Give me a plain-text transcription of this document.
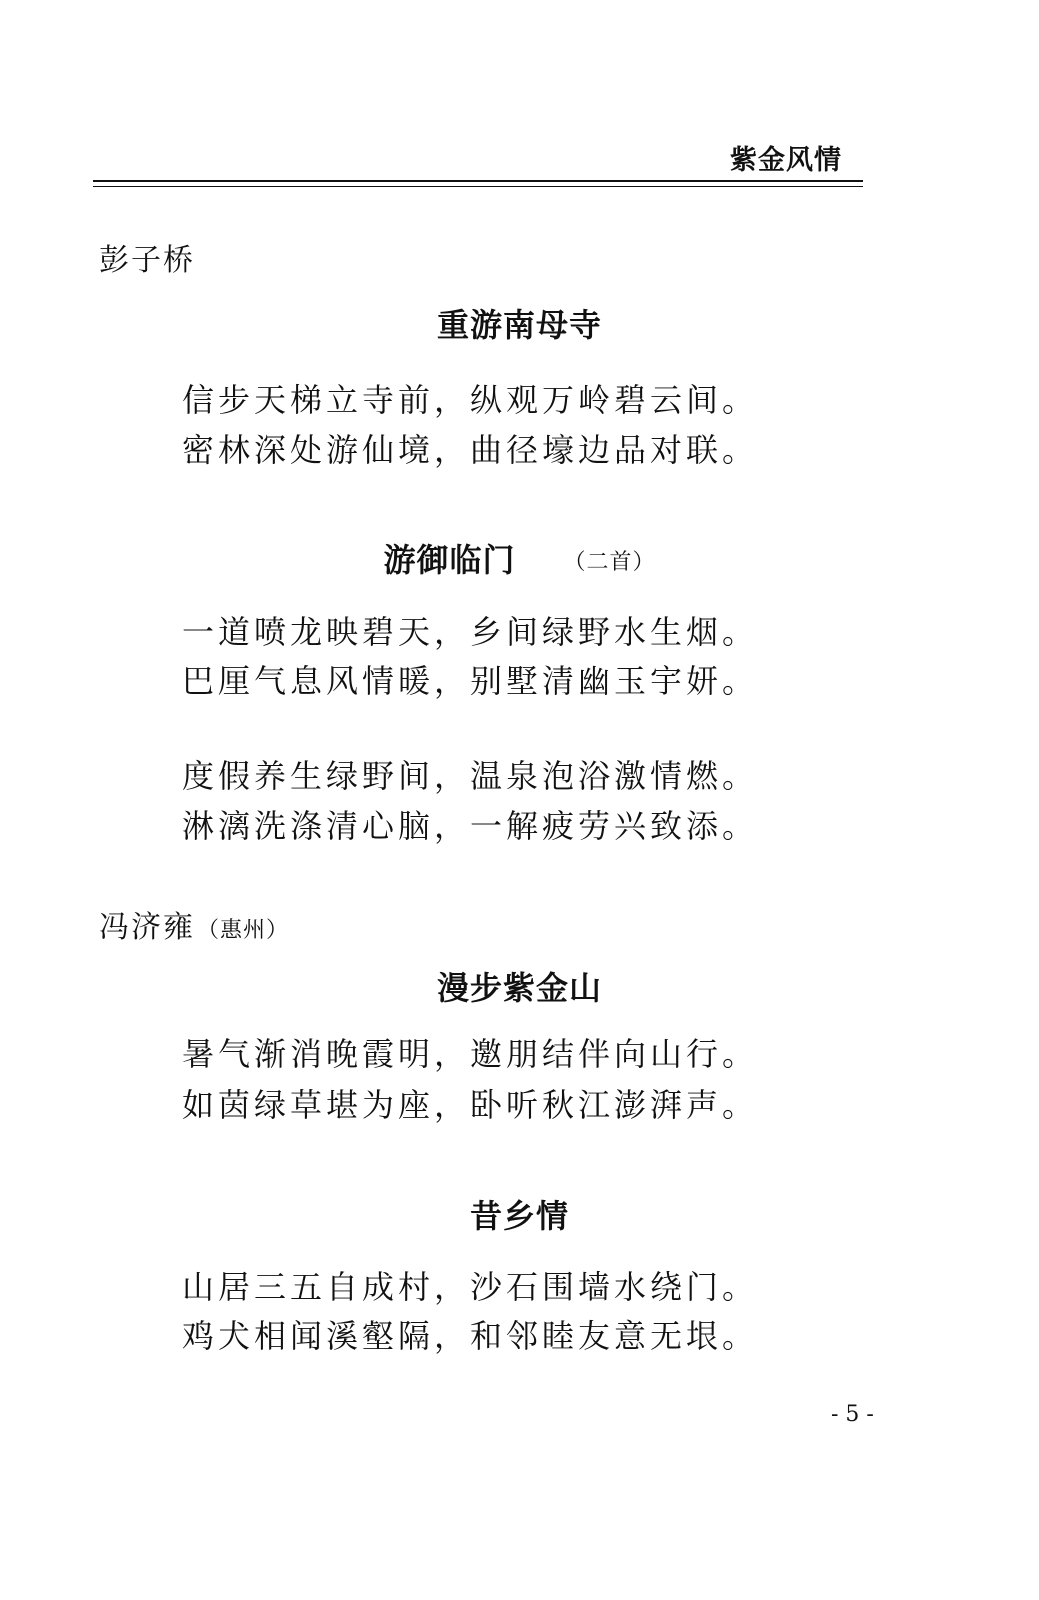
紫金风情
彭子桥
重游南母寺
信步天梯立寺前，纵观万岭碧云间。
密林深处游仙境，曲径壕边品对联。
游御临门 （二首）
一道喷龙映碧天，乡间绿野水生烟。
巴厘气息风情暖，别墅清幽玉宇妍。
度假养生绿野间，温泉泡浴激情燃。
淋漓洗涤清心脑，一解疲劳兴致添。
冯济雍（惠州）
漫步紫金山
暑气渐消晚霞明，邀朋结伴向山行。
如茵绿草堪为座，卧听秋江澎湃声。
昔乡情
山居三五自成村，沙石围墙水绕门。
鸡犬相闻溪壑隔，和邻睦友意无垠。
- 5 -
